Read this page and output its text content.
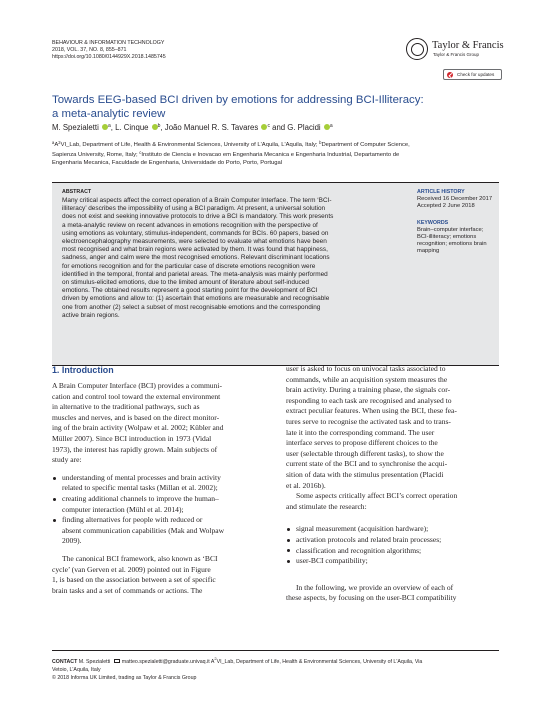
BEHAVIOUR & INFORMATION TECHNOLOGY
2018, VOL. 37, NO. 8, 855–871
https://doi.org/10.1080/0144929X.2018.1485745
Taylor & Francis
Taylor & Francis Group
Check for updates
Towards EEG-based BCI driven by emotions for addressing BCI-Illiteracy:
a meta-analytic review
M. Spezialetti $^a$, L. Cinque $^b$, João Manuel R. S. Tavares $^c$ and G. Placidi $^a$
$^aA^2VI\_Lab$, Department of Life, Health & Environmental Sciences, University of L'Aquila, L'Aquila, Italy; $^b$Department of Computer Science,
Sapienza University, Rome, Italy; $^c$Instituto de Ciencia e Inovacao em Engenharia Mecanica e Engenharia Industrial, Departamento de
Engenharia Mecanica, Faculdade de Engenharia, Universidade do Porto, Porto, Portugal
ABSTRACT
Many critical aspects affect the correct operation of a Brain Computer Interface. The term ‘BCI-
illiteracy’ describes the impossibility of using a BCI paradigm. At present, a universal solution
does not exist and seeking innovative protocols to drive a BCI is mandatory. This work presents
a meta-analytic review on recent advances in emotions recognition with the perspective of
using emotions as voluntary, stimulus-independent, commands for BCIs. 60 papers, based on
electroencephalography measurements, were selected to evaluate what emotions have been
most recognised and what brain regions were activated by them. It was found that happiness,
sadness, anger and calm were the most recognised emotions. Relevant discriminant locations
for emotions recognition and for the particular case of discrete emotions recognition were
identified in the temporal, frontal and parietal areas. The meta-analysis was mainly performed
on stimulus-elicited emotions, due to the limited amount of literature about self-induced
emotions. The obtained results represent a good starting point for the development of BCI
driven by emotions and allow to: (1) ascertain that emotions are measurable and recognisable
one from another (2) select a subset of most recognisable emotions and the corresponding
active brain regions.
ARTICLE HISTORY
Received 16 December 2017
Accepted 2 June 2018
KEYWORDS
Brain–computer interface;
BCI-illiteracy; emotions
recognition; emotions brain
mapping
1. Introduction
A Brain Computer Interface (BCI) provides a communi-
cation and control tool toward the external environment
in alternative to the traditional pathways, such as
muscles and nerves, and is based on the direct monitor-
ing of the brain activity (Wolpaw et al. 2002; Kübler and
Müller 2007). Since BCI introduction in 1973 (Vidal
1973), the interest has rapidly grown. Main subjects of
study are:
understanding of mental processes and brain activity
related to specific mental tasks (Millan et al. 2002);
creating additional channels to improve the human–
computer interaction (Mühl et al. 2014);
finding alternatives for people with reduced or
absent communication capabilities (Mak and Wolpaw
2009).
The canonical BCI framework, also known as ‘BCI
cycle’ (van Gerven et al. 2009) pointed out in Figure
1, is based on the association between a set of specific
brain tasks and a set of commands or actions. The
user is asked to focus on univocal tasks associated to
commands, while an acquisition system measures the
brain activity. During a training phase, the signals cor-
responding to each task are recognised and analysed to
extract peculiar features. When using the BCI, these fea-
tures serve to recognise the activated task and to trans-
late it into the corresponding command. The user
interface serves to propose different choices to the
user (selectable through different tasks), to show the
current state of the BCI and to synchronise the acqui-
sition of data with the stimulus presentation (Placidi
et al. 2016b).
Some aspects critically affect BCI’s correct operation
and stimulate the research:
signal measurement (acquisition hardware);
activation protocols and related brain processes;
classification and recognition algorithms;
user-BCI compatibility;
In the following, we provide an overview of each of
these aspects, by focusing on the user-BCI compatibility
CONTACT M. Spezialetti matteo.spezialetti@graduate.univaq.it $A^2VI\_Lab$, Department of Life, Health & Environmental Sciences, University of L'Aquila, Via
Vetoio, L'Aquila, Italy
© 2018 Informa UK Limited, trading as Taylor & Francis Group
